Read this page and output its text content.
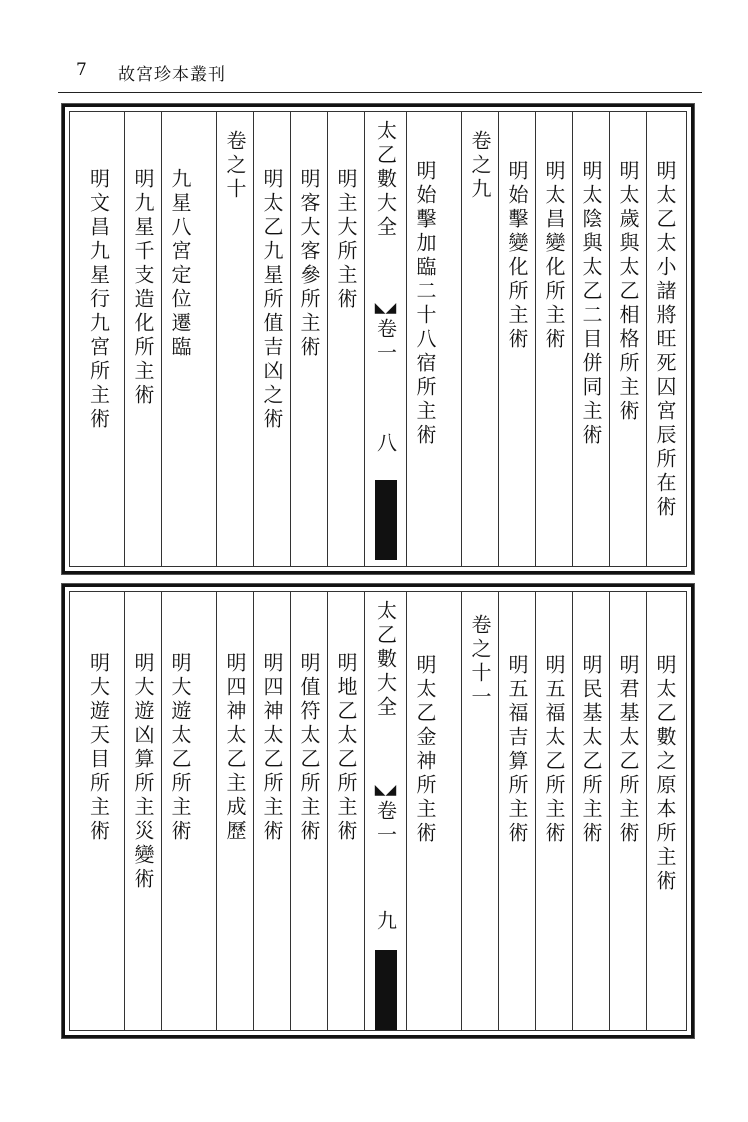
7 故宮珍本叢刊
明太乙太小諸將旺死囚宮辰所在術
明太歲與太乙相格所主術
明太陰與太乙二目併同主術
明太昌變化所主術
明始擊變化所主術
卷之九
明始擊加臨二十八宿所主術
太乙數大全
◣◢
卷一
八
明主大所主術
明客大客參所主術
明太乙九星所值吉凶之術
卷之十
九星八宮定位遷臨
明九星千支造化所主術
明文昌九星行九宮所主術
明太乙數之原本所主術
明君基太乙所主術
明民基太乙所主術
明五福太乙所主術
明五福吉算所主術
卷之十一
明太乙金神所主術
太乙數大全
◣◢
卷一
九
明地乙太乙所主術
明值符太乙所主術
明四神太乙所主術
明四神太乙主成歷
明大遊太乙所主術
明大遊凶算所主災變術
明大遊天目所主術
